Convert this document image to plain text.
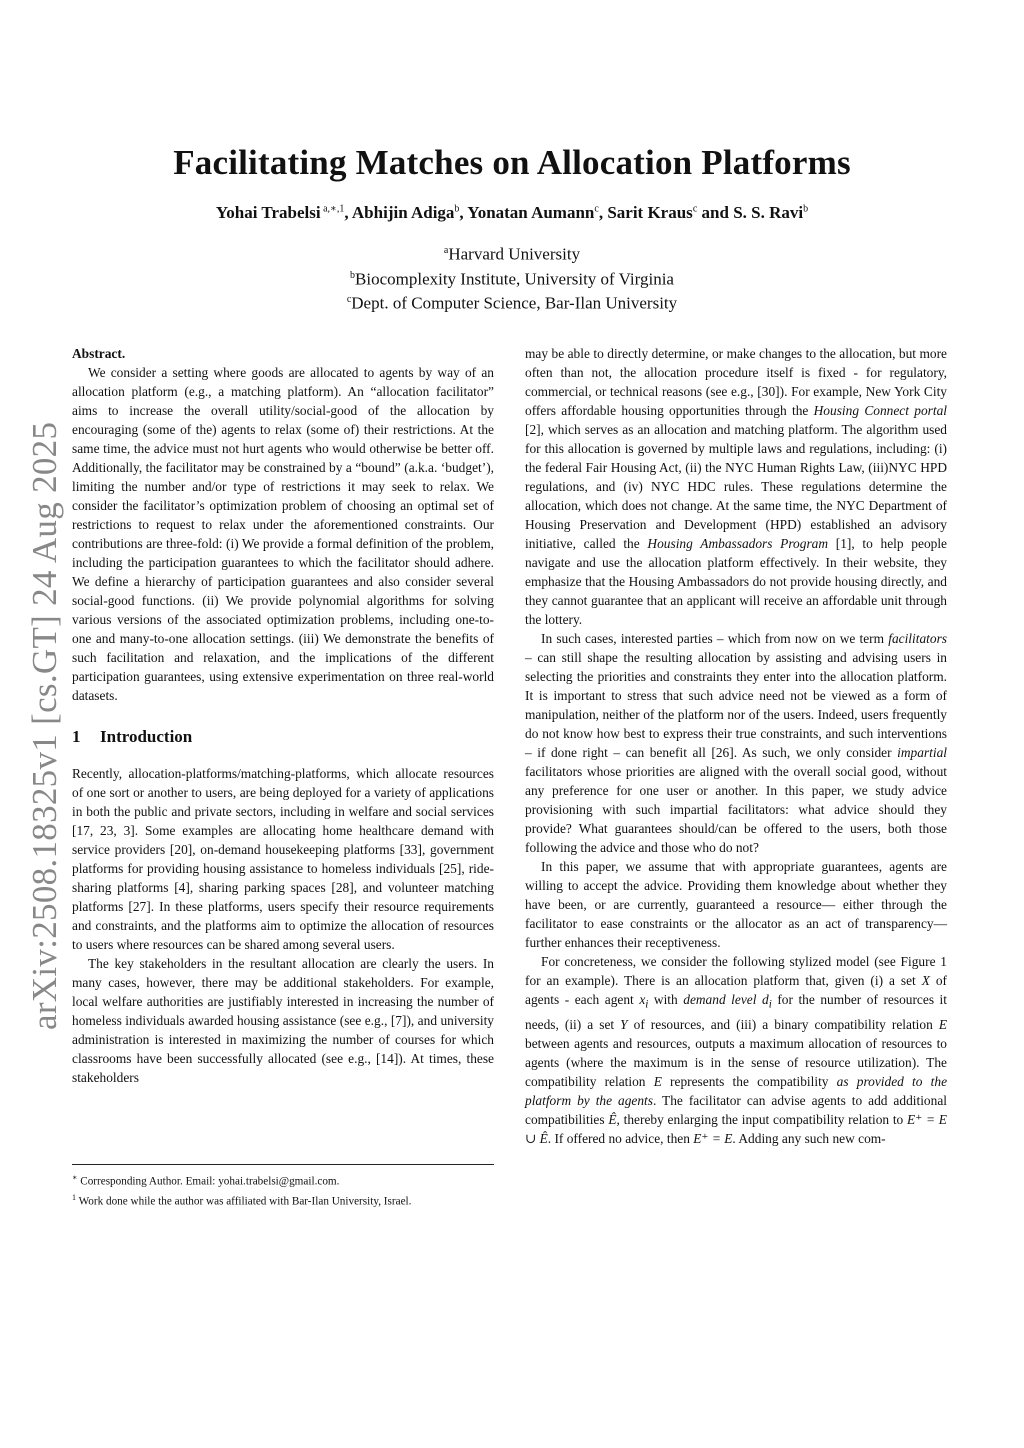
Facilitating Matches on Allocation Platforms
Yohai Trabelsi $^{a,∗,1}$, Abhijin Adiga$^b$, Yonatan Aumann$^c$, Sarit Kraus$^c$ and S. S. Ravi$^b$
$^a$Harvard University
$^b$Biocomplexity Institute, University of Virginia
$^c$Dept. of Computer Science, Bar-Ilan University
arXiv:2508.18325v1 [cs.GT] 24 Aug 2025
Abstract.

We consider a setting where goods are allocated to agents by way of an allocation platform (e.g., a matching platform). An “allocation facilitator” aims to increase the overall utility/social-good of the allocation by encouraging (some of the) agents to relax (some of) their restrictions. At the same time, the advice must not hurt agents who would otherwise be better off. Additionally, the facilitator may be constrained by a “bound” (a.k.a. ‘budget’), limiting the number and/or type of restrictions it may seek to relax. We consider the facilitator’s optimization problem of choosing an optimal set of restrictions to request to relax under the aforementioned constraints. Our contributions are three-fold: (i) We provide a formal definition of the problem, including the participation guarantees to which the facilitator should adhere. We define a hierarchy of participation guarantees and also consider several social-good functions. (ii) We provide polynomial algorithms for solving various versions of the associated optimization problems, including one-to-one and many-to-one allocation settings. (iii) We demonstrate the benefits of such facilitation and relaxation, and the implications of the different participation guarantees, using extensive experimentation on three real-world datasets.

1 Introduction

Recently, allocation-platforms/matching-platforms, which allocate resources of one sort or another to users, are being deployed for a variety of applications in both the public and private sectors, including in welfare and social services [17, 23, 3]. Some examples are allocating home healthcare demand with service providers [20], on-demand housekeeping platforms [33], government platforms for providing housing assistance to homeless individuals [25], ride-sharing platforms [4], sharing parking spaces [28], and volunteer matching platforms [27]. In these platforms, users specify their resource requirements and constraints, and the platforms aim to optimize the allocation of resources to users where resources can be shared among several users.

The key stakeholders in the resultant allocation are clearly the users. In many cases, however, there may be additional stakeholders. For example, local welfare authorities are justifiably interested in increasing the number of homeless individuals awarded housing assistance (see e.g., [7]), and university administration is interested in maximizing the number of courses for which classrooms have been successfully allocated (see e.g., [14]). At times, these stakeholders

may be able to directly determine, or make changes to the allocation, but more often than not, the allocation procedure itself is fixed - for regulatory, commercial, or technical reasons (see e.g., [30]). For example, New York City offers affordable housing opportunities through the Housing Connect portal [2], which serves as an allocation and matching platform. The algorithm used for this allocation is governed by multiple laws and regulations, including: (i) the federal Fair Housing Act, (ii) the NYC Human Rights Law, (iii)NYC HPD regulations, and (iv) NYC HDC rules. These regulations determine the allocation, which does not change. At the same time, the NYC Department of Housing Preservation and Development (HPD) established an advisory initiative, called the Housing Ambassadors Program [1], to help people navigate and use the allocation platform effectively. In their website, they emphasize that the Housing Ambassadors do not provide housing directly, and they cannot guarantee that an applicant will receive an affordable unit through the lottery.

In such cases, interested parties – which from now on we term facilitators – can still shape the resulting allocation by assisting and advising users in selecting the priorities and constraints they enter into the allocation platform. It is important to stress that such advice need not be viewed as a form of manipulation, neither of the platform nor of the users. Indeed, users frequently do not know how best to express their true constraints, and such interventions – if done right – can benefit all [26]. As such, we only consider impartial facilitators whose priorities are aligned with the overall social good, without any preference for one user or another. In this paper, we study advice provisioning with such impartial facilitators: what advice should they provide? What guarantees should/can be offered to the users, both those following the advice and those who do not?

In this paper, we assume that with appropriate guarantees, agents are willing to accept the advice. Providing them knowledge about whether they have been, or are currently, guaranteed a resource— either through the facilitator to ease constraints or the allocator as an act of transparency— further enhances their receptiveness.

For concreteness, we consider the following stylized model (see Figure 1 for an example). There is an allocation platform that, given (i) a set X of agents - each agent $x_i$ with demand level $d_i$ for the number of resources it needs, (ii) a set Y of resources, and (iii) a binary compatibility relation E between agents and resources, outputs a maximum allocation of resources to agents (where the maximum is in the sense of resource utilization). The compatibility relation E represents the compatibility as provided to the platform by the agents. The facilitator can advise agents to add additional compatibilities Ê, thereby enlarging the input compatibility relation to E⁺ = E ∪ Ê. If offered no advice, then E⁺ = E. Adding any such new com-

∗ Corresponding Author. Email: yohai.trabelsi@gmail.com.
$^1$ Work done while the author was affiliated with Bar-Ilan University, Israel.
